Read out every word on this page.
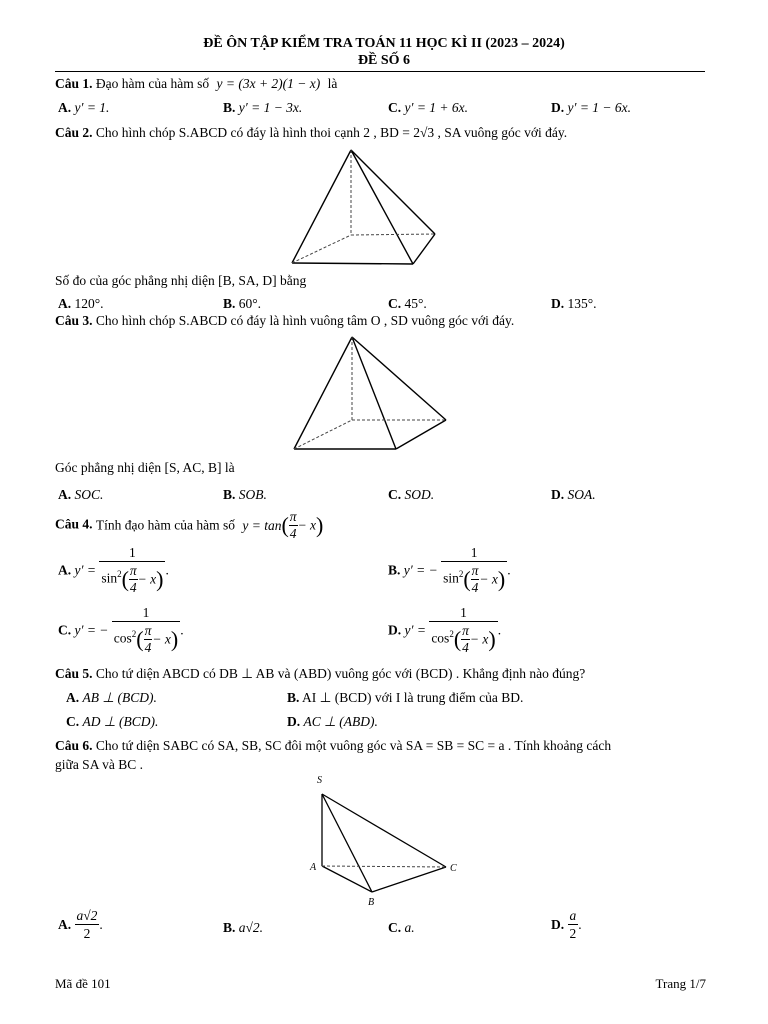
ĐỀ ÔN TẬP KIỂM TRA TOÁN 11 HỌC KÌ II (2023 – 2024)
ĐỀ SỐ 6
Câu 1. Đạo hàm của hàm số y = (3x + 2)(1 − x) là
A. y′ = 1.	B. y′ = 1 − 3x.	C. y′ = 1 + 6x.	D. y′ = 1 − 6x.
Câu 2. Cho hình chóp S.ABCD có đáy là hình thoi cạnh 2 , BD = 2√3 , SA vuông góc với đáy.
Số đo của góc phẳng nhị diện [B, SA, D] bằng
A. 120°.	B. 60°.	C. 45°.	D. 135°.
Câu 3. Cho hình chóp S.ABCD có đáy là hình vuông tâm O , SD vuông góc với đáy.
Góc phẳng nhị diện [S, AC, B] là
A. SOC.	B. SOB.	C. SOD.	D. SOA.
Câu 4. Tính đạo hàm của hàm số $y = \tan( \frac{\pi}{4}- x)$
A. $y' = \frac{1}{\sin^2( \frac{\pi}{4}- x)}$ .	B. y′ = − $\frac{1}{\sin^2( \frac{\pi}{4}- x)}$ .
C. y′ = − $\frac{1}{\cos^2( \frac{\pi}{4}- x)}$ .	D. $y' = \frac{1}{\cos^2( \frac{\pi}{4}- x)}$ .
Câu 5. Cho tứ diện ABCD có DB ⊥ AB và (ABD) vuông góc với (BCD) . Khẳng định nào đúng?
A. AB ⊥ (BCD).	B. AI ⊥ (BCD) với I là trung điểm của BD.
C. AD ⊥ (BCD).	D. AC ⊥ (ABD).
Câu 6. Cho tứ diện SABC có SA, SB, SC đôi một vuông góc và SA = SB = SC = a . Tính khoảng cách
giữa SA và BC .
S
A
B
C
A. $\frac{a√2}{2}$ .	B. a√2.	C. a.	D. $\frac{a}{2}$ .
Mã đề 101	Trang 1/7
